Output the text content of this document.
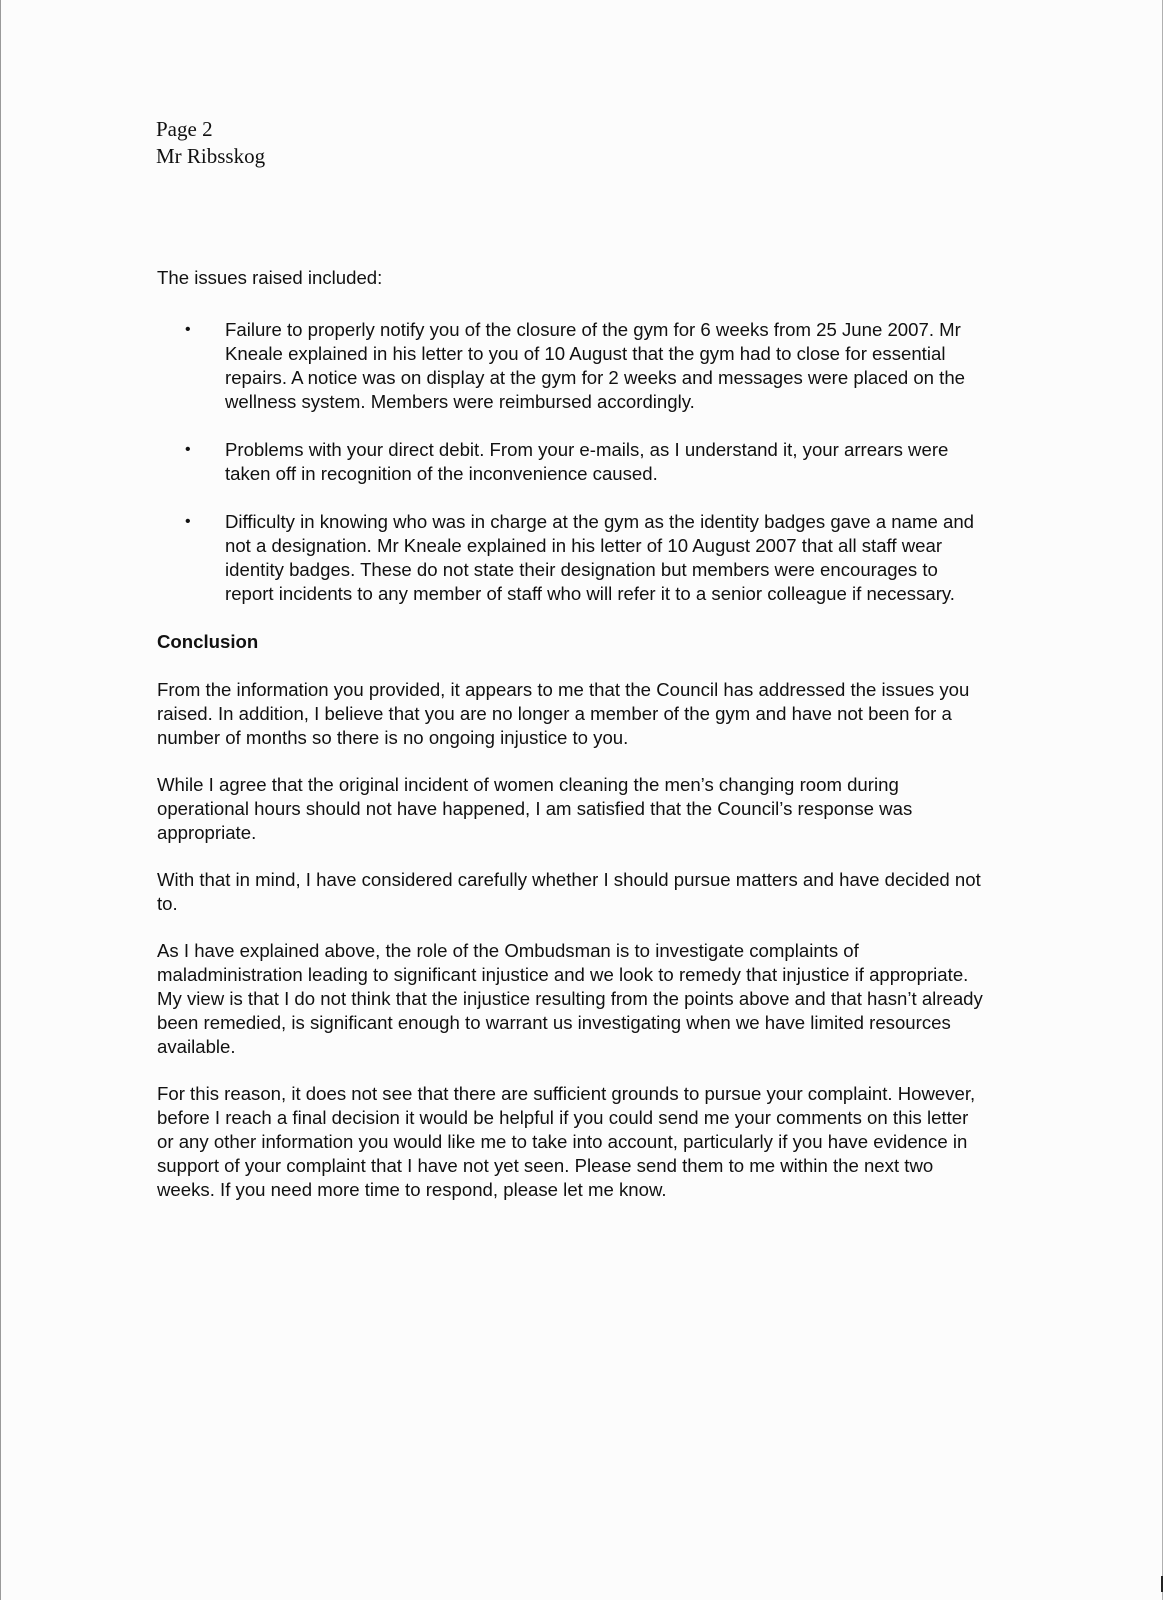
Page 2
Mr Ribsskog

The issues raised included:

• Failure to properly notify you of the closure of the gym for 6 weeks from 25 June 2007. Mr Kneale explained in his letter to you of 10 August that the gym had to close for essential repairs. A notice was on display at the gym for 2 weeks and messages were placed on the wellness system. Members were reimbursed accordingly.
• Problems with your direct debit. From your e-mails, as I understand it, your arrears were taken off in recognition of the inconvenience caused.
• Difficulty in knowing who was in charge at the gym as the identity badges gave a name and not a designation. Mr Kneale explained in his letter of 10 August 2007 that all staff wear identity badges. These do not state their designation but members were encourages to report incidents to any member of staff who will refer it to a senior colleague if necessary.

Conclusion

From the information you provided, it appears to me that the Council has addressed the issues you raised. In addition, I believe that you are no longer a member of the gym and have not been for a number of months so there is no ongoing injustice to you.

While I agree that the original incident of women cleaning the men’s changing room during operational hours should not have happened, I am satisfied that the Council’s response was appropriate.

With that in mind, I have considered carefully whether I should pursue matters and have decided not to.

As I have explained above, the role of the Ombudsman is to investigate complaints of maladministration leading to significant injustice and we look to remedy that injustice if appropriate. My view is that I do not think that the injustice resulting from the points above and that hasn’t already been remedied, is significant enough to warrant us investigating when we have limited resources available.

For this reason, it does not see that there are sufficient grounds to pursue your complaint. However, before I reach a final decision it would be helpful if you could send me your comments on this letter or any other information you would like me to take into account, particularly if you have evidence in support of your complaint that I have not yet seen. Please send them to me within the next two weeks. If you need more time to respond, please let me know.
